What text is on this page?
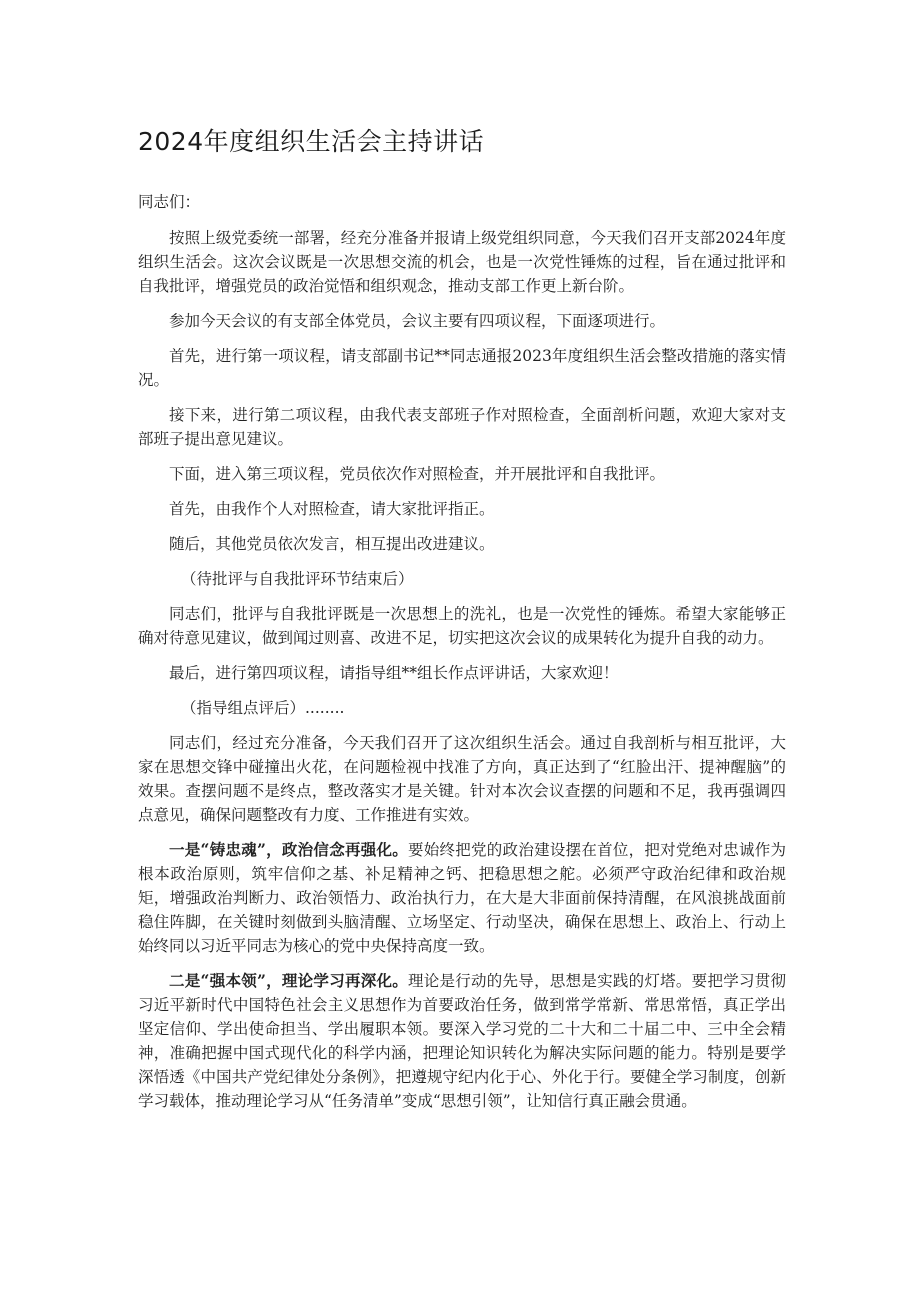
2024年度组织生活会主持讲话

同志们：

按照上级党委统一部署，经充分准备并报请上级党组织同意，今天我们召开支部2024年度组织生活会。这次会议既是一次思想交流的机会，也是一次党性锤炼的过程，旨在通过批评和自我批评，增强党员的政治觉悟和组织观念，推动支部工作更上新台阶。

参加今天会议的有支部全体党员，会议主要有四项议程，下面逐项进行。

首先，进行第一项议程，请支部副书记**同志通报2023年度组织生活会整改措施的落实情况。

接下来，进行第二项议程，由我代表支部班子作对照检查，全面剖析问题，欢迎大家对支部班子提出意见建议。

下面，进入第三项议程，党员依次作对照检查，并开展批评和自我批评。

首先，由我作个人对照检查，请大家批评指正。

随后，其他党员依次发言，相互提出改进建议。

（待批评与自我批评环节结束后）

同志们，批评与自我批评既是一次思想上的洗礼，也是一次党性的锤炼。希望大家能够正确对待意见建议，做到闻过则喜、改进不足，切实把这次会议的成果转化为提升自我的动力。

最后，进行第四项议程，请指导组**组长作点评讲话，大家欢迎！

（指导组点评后）........

同志们，经过充分准备，今天我们召开了这次组织生活会。通过自我剖析与相互批评，大家在思想交锋中碰撞出火花，在问题检视中找准了方向，真正达到了“红脸出汗、提神醒脑”的效果。查摆问题不是终点，整改落实才是关键。针对本次会议查摆的问题和不足，我再强调四点意见，确保问题整改有力度、工作推进有实效。

一是“铸忠魂”，政治信念再强化。要始终把党的政治建设摆在首位，把对党绝对忠诚作为根本政治原则，筑牢信仰之基、补足精神之钙、把稳思想之舵。必须严守政治纪律和政治规矩，增强政治判断力、政治领悟力、政治执行力，在大是大非面前保持清醒，在风浪挑战面前稳住阵脚，在关键时刻做到头脑清醒、立场坚定、行动坚决，确保在思想上、政治上、行动上始终同以习近平同志为核心的党中央保持高度一致。

二是“强本领”，理论学习再深化。理论是行动的先导，思想是实践的灯塔。要把学习贯彻习近平新时代中国特色社会主义思想作为首要政治任务，做到常学常新、常思常悟，真正学出坚定信仰、学出使命担当、学出履职本领。要深入学习党的二十大和二十届二中、三中全会精神，准确把握中国式现代化的科学内涵，把理论知识转化为解决实际问题的能力。特别是要学深悟透《中国共产党纪律处分条例》，把遵规守纪内化于心、外化于行。要健全学习制度，创新学习载体，推动理论学习从“任务清单”变成“思想引领”，让知信行真正融会贯通。
